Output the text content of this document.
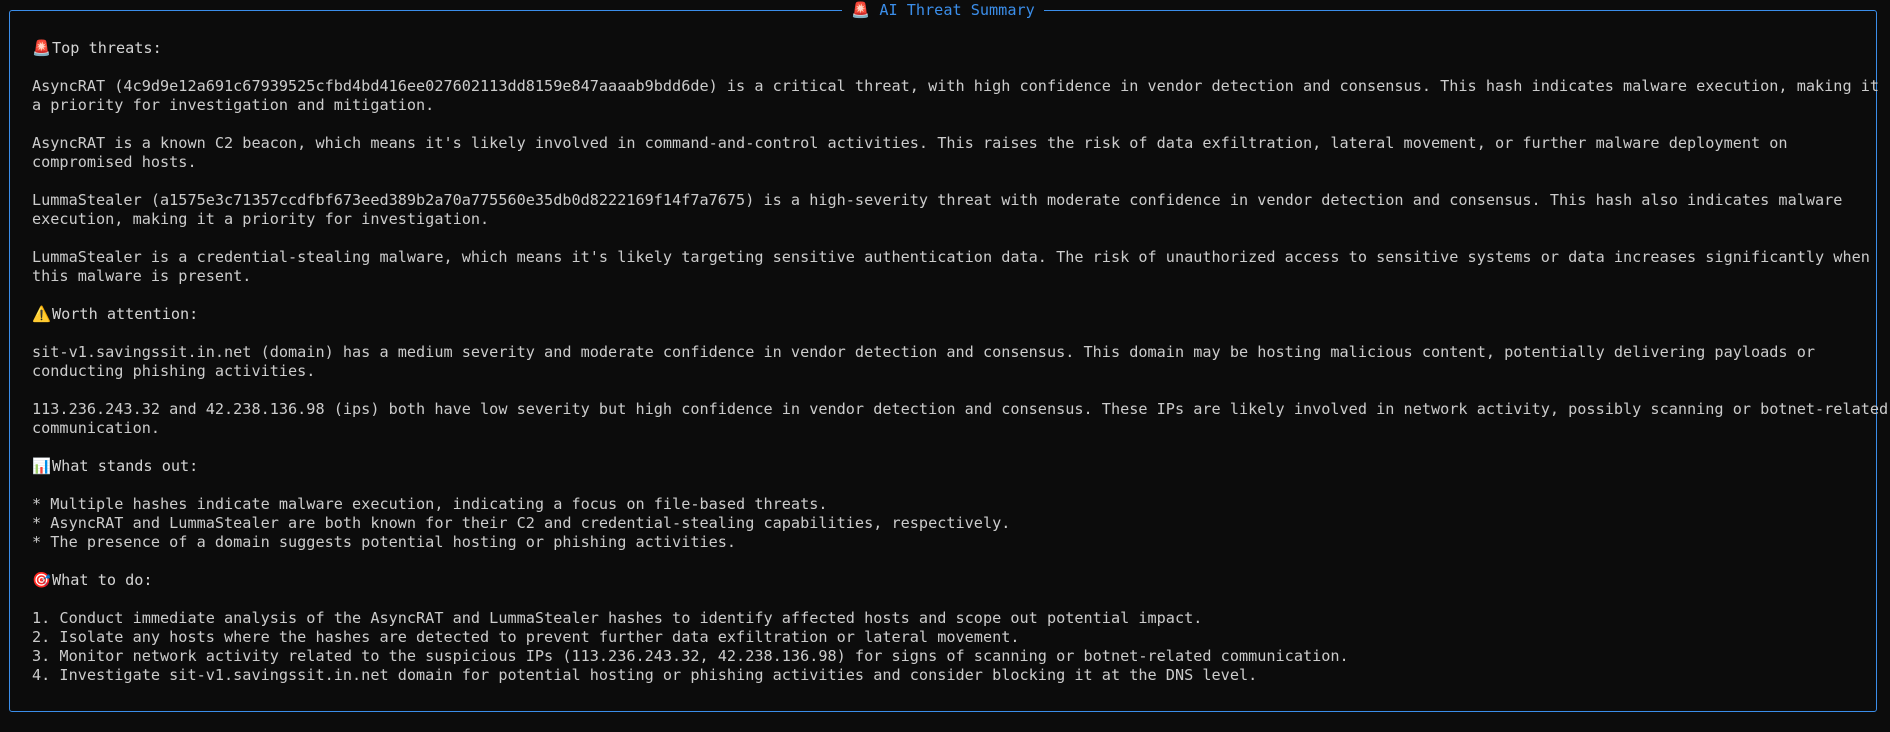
🚨 AI Threat Summary
🚨Top threats:
AsyncRAT (4c9d9e12a691c67939525cfbd4bd416ee027602113dd8159e847aaaab9bdd6de) is a critical threat, with high confidence in vendor detection and consensus. This hash indicates malware execution, making it
a priority for investigation and mitigation.
AsyncRAT is a known C2 beacon, which means it's likely involved in command-and-control activities. This raises the risk of data exfiltration, lateral movement, or further malware deployment on
compromised hosts.
LummaStealer (a1575e3c71357ccdfbf673eed389b2a70a775560e35db0d8222169f14f7a7675) is a high-severity threat with moderate confidence in vendor detection and consensus. This hash also indicates malware
execution, making it a priority for investigation.
LummaStealer is a credential-stealing malware, which means it's likely targeting sensitive authentication data. The risk of unauthorized access to sensitive systems or data increases significantly when
this malware is present.
⚠️Worth attention:
sit-v1.savingssit.in.net (domain) has a medium severity and moderate confidence in vendor detection and consensus. This domain may be hosting malicious content, potentially delivering payloads or
conducting phishing activities.
113.236.243.32 and 42.238.136.98 (ips) both have low severity but high confidence in vendor detection and consensus. These IPs are likely involved in network activity, possibly scanning or botnet-related
communication.
📊What stands out:
* Multiple hashes indicate malware execution, indicating a focus on file-based threats.
* AsyncRAT and LummaStealer are both known for their C2 and credential-stealing capabilities, respectively.
* The presence of a domain suggests potential hosting or phishing activities.
🎯What to do:
1. Conduct immediate analysis of the AsyncRAT and LummaStealer hashes to identify affected hosts and scope out potential impact.
2. Isolate any hosts where the hashes are detected to prevent further data exfiltration or lateral movement.
3. Monitor network activity related to the suspicious IPs (113.236.243.32, 42.238.136.98) for signs of scanning or botnet-related communication.
4. Investigate sit-v1.savingssit.in.net domain for potential hosting or phishing activities and consider blocking it at the DNS level.
